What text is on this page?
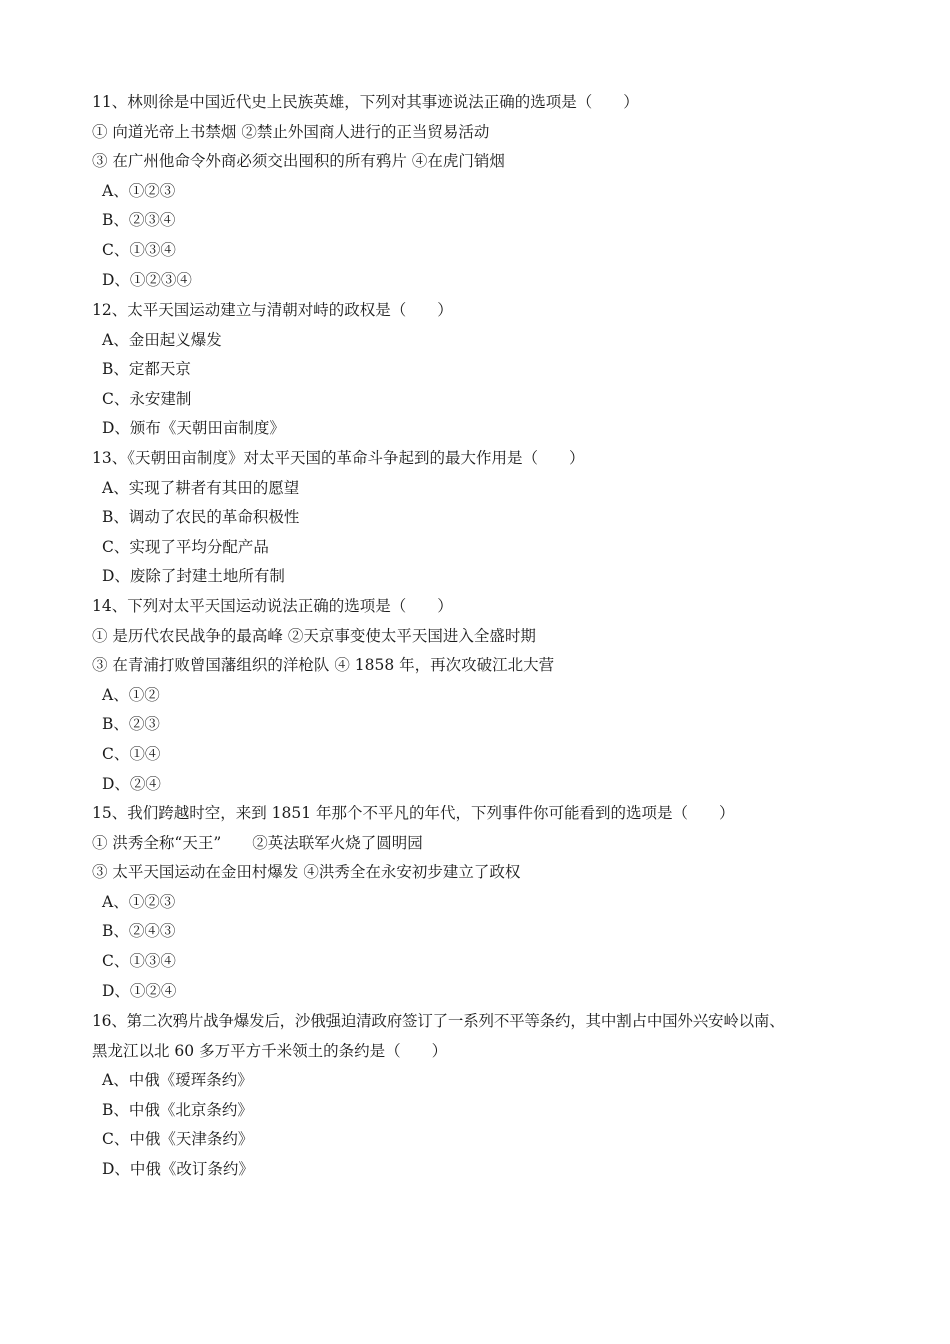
11、林则徐是中国近代史上民族英雄，下列对其事迹说法正确的选项是（　　）
① 向道光帝上书禁烟 ②禁止外国商人进行的正当贸易活动
③ 在广州他命令外商必须交出囤积的所有鸦片 ④在虎门销烟
A、①②③
B、②③④
C、①③④
D、①②③④
12、太平天国运动建立与清朝对峙的政权是（　　）
A、金田起义爆发
B、定都天京
C、永安建制
D、颁布《天朝田亩制度》
13、《天朝田亩制度》对太平天国的革命斗争起到的最大作用是（　　）
A、实现了耕者有其田的愿望
B、调动了农民的革命积极性
C、实现了平均分配产品
D、废除了封建土地所有制
14、下列对太平天国运动说法正确的选项是（　　）
① 是历代农民战争的最高峰 ②天京事变使太平天国进入全盛时期
③ 在青浦打败曾国藩组织的洋枪队 ④ 1858 年，再次攻破江北大营
A、①②
B、②③
C、①④
D、②④
15、我们跨越时空，来到 1851 年那个不平凡的年代，下列事件你可能看到的选项是（　　）
① 洪秀全称“天王”　　②英法联军火烧了圆明园
③ 太平天国运动在金田村爆发 ④洪秀全在永安初步建立了政权
A、①②③
B、②④③
C、①③④
D、①②④
16、第二次鸦片战争爆发后，沙俄强迫清政府签订了一系列不平等条约，其中割占中国外兴安岭以南、
黑龙江以北 60 多万平方千米领土的条约是（　　）
A、中俄《瑷珲条约》
B、中俄《北京条约》
C、中俄《天津条约》
D、中俄《改订条约》
